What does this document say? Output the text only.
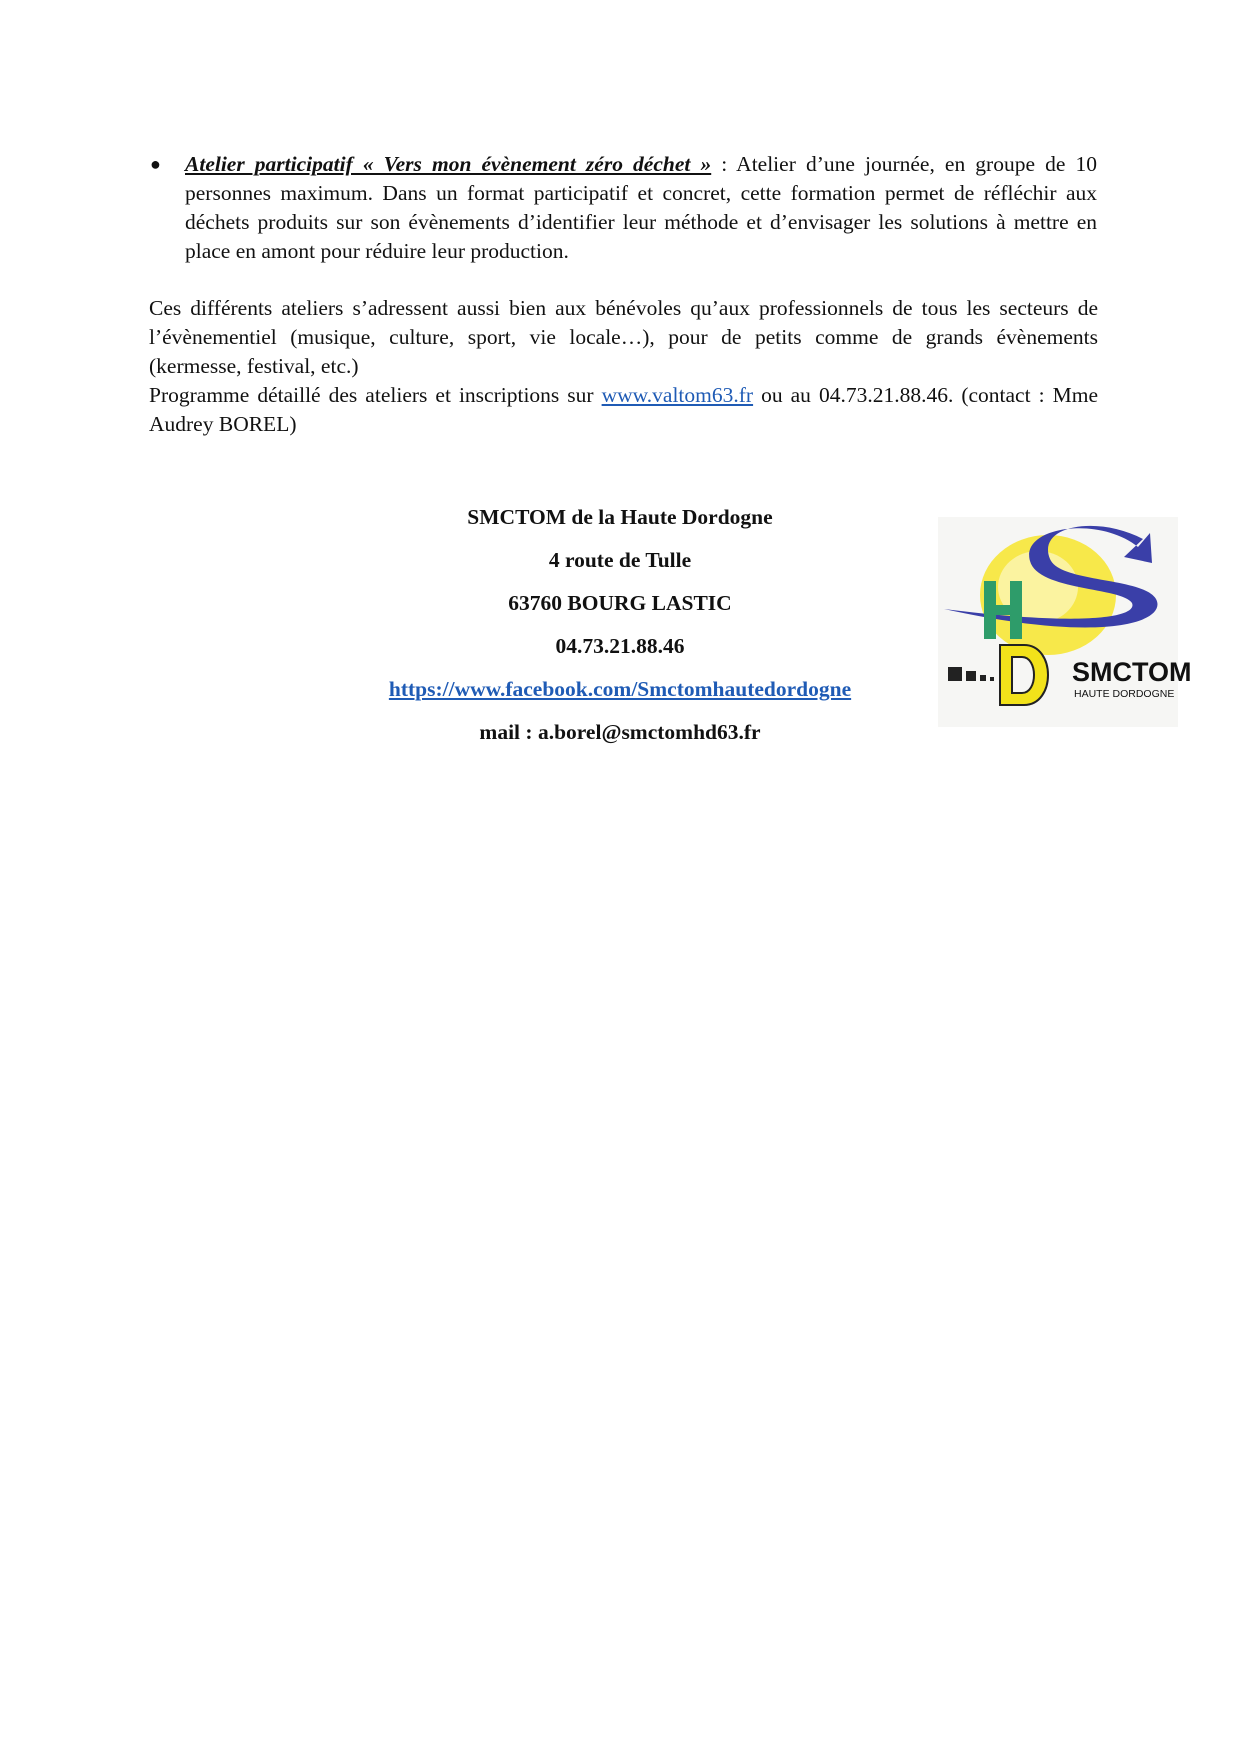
●	Atelier participatif « Vers mon évènement zéro déchet » : Atelier d’une journée, en groupe de 10 personnes maximum. Dans un format participatif et concret, cette formation permet de réfléchir aux déchets produits sur son évènements d’identifier leur méthode et d’envisager les solutions à mettre en place en amont pour réduire leur production.
Ces différents ateliers s’adressent aussi bien aux bénévoles qu’aux professionnels de tous les secteurs de l’évènementiel (musique, culture, sport, vie locale…), pour de petits comme de grands évènements (kermesse, festival, etc.)
Programme détaillé des ateliers et inscriptions sur www.valtom63.fr ou au 04.73.21.88.46. (contact : Mme Audrey BOREL)
SMCTOM de la Haute Dordogne
4 route de Tulle
63760 BOURG LASTIC
04.73.21.88.46
https://www.facebook.com/Smctomhautedordogne
mail : a.borel@smctomhd63.fr
SMCTOM
HAUTE DORDOGNE
